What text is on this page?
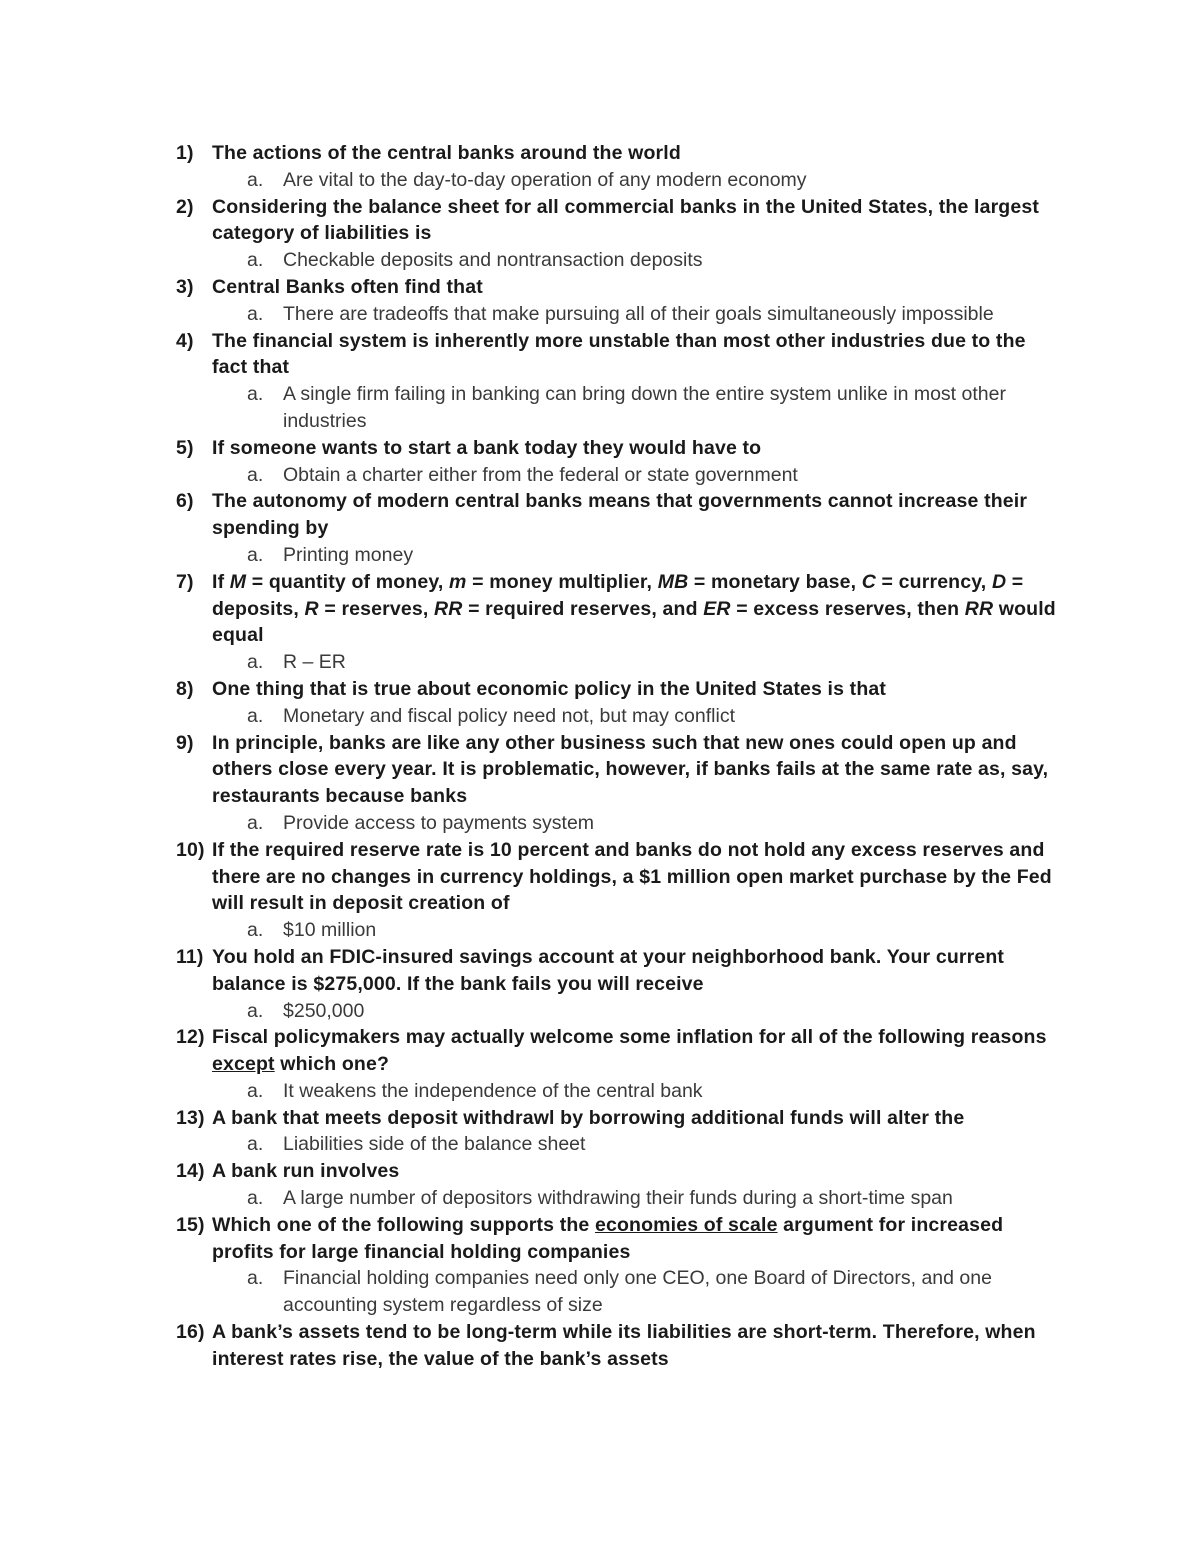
1) The actions of the central banks around the world
a. Are vital to the day-to-day operation of any modern economy
2) Considering the balance sheet for all commercial banks in the United States, the largest category of liabilities is
a. Checkable deposits and nontransaction deposits
3) Central Banks often find that
a. There are tradeoffs that make pursuing all of their goals simultaneously impossible
4) The financial system is inherently more unstable than most other industries due to the fact that
a. A single firm failing in banking can bring down the entire system unlike in most other industries
5) If someone wants to start a bank today they would have to
a. Obtain a charter either from the federal or state government
6) The autonomy of modern central banks means that governments cannot increase their spending by
a. Printing money
7) If M = quantity of money, m = money multiplier, MB = monetary base, C = currency, D = deposits, R = reserves, RR = required reserves, and ER = excess reserves, then RR would equal
a. R – ER
8) One thing that is true about economic policy in the United States is that
a. Monetary and fiscal policy need not, but may conflict
9) In principle, banks are like any other business such that new ones could open up and others close every year. It is problematic, however, if banks fails at the same rate as, say, restaurants because banks
a. Provide access to payments system
10) If the required reserve rate is 10 percent and banks do not hold any excess reserves and there are no changes in currency holdings, a $1 million open market purchase by the Fed will result in deposit creation of
a. $10 million
11) You hold an FDIC-insured savings account at your neighborhood bank. Your current balance is $275,000. If the bank fails you will receive
a. $250,000
12) Fiscal policymakers may actually welcome some inflation for all of the following reasons except which one?
a. It weakens the independence of the central bank
13) A bank that meets deposit withdrawl by borrowing additional funds will alter the
a. Liabilities side of the balance sheet
14) A bank run involves
a. A large number of depositors withdrawing their funds during a short-time span
15) Which one of the following supports the economies of scale argument for increased profits for large financial holding companies
a. Financial holding companies need only one CEO, one Board of Directors, and one accounting system regardless of size
16) A bank’s assets tend to be long-term while its liabilities are short-term. Therefore, when interest rates rise, the value of the bank’s assets
